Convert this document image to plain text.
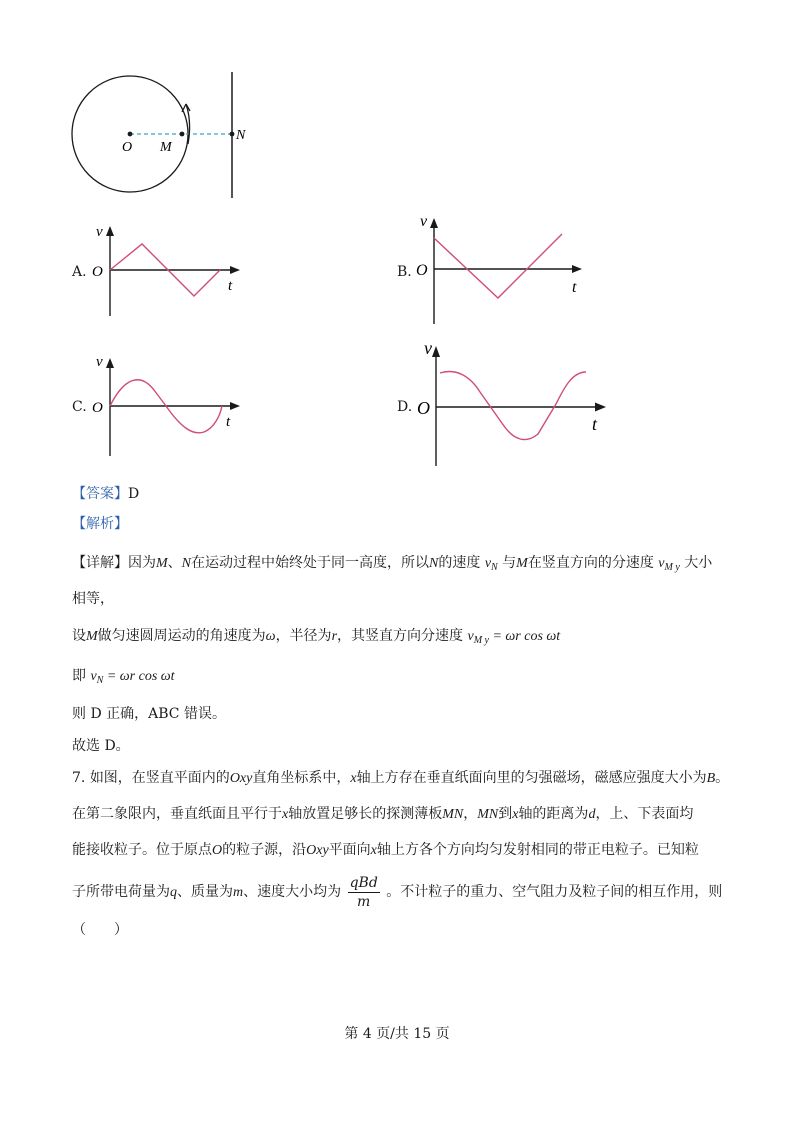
O M
N
A.
v
O
t
B.
v
O
t
C.
v
O
t
D.
v
O
t
【答案】D
【解析】
【详解】因为M、N在运动过程中始终处于同一高度，所以N的速度 $v_N$ 与M在竖直方向的分速度 $v_{M y}$ 大小
相等，
设M做匀速圆周运动的角速度为ω，半径为r，其竖直方向分速度 $v_{M y} = \omega r$ cos ωt
即 $v_N = \omega r$ cos ωt
则 D 正确，ABC 错误。
故选 D。
7. 如图，在竖直平面内的Oxy直角坐标系中，x轴上方存在垂直纸面向里的匀强磁场，磁感应强度大小为B。
在第二象限内，垂直纸面且平行于x轴放置足够长的探测薄板MN，MN到x轴的距离为d，上、下表面均
能接收粒子。位于原点O的粒子源，沿Oxy平面向x轴上方各个方向均匀发射相同的带正电粒子。已知粒
子所带电荷量为q、质量为m、速度大小均为 $\frac{\text{qBd}}{m}$ 。不计粒子的重力、空气阻力及粒子间的相互作用，则
（　　）
第 4 页/共 15 页
